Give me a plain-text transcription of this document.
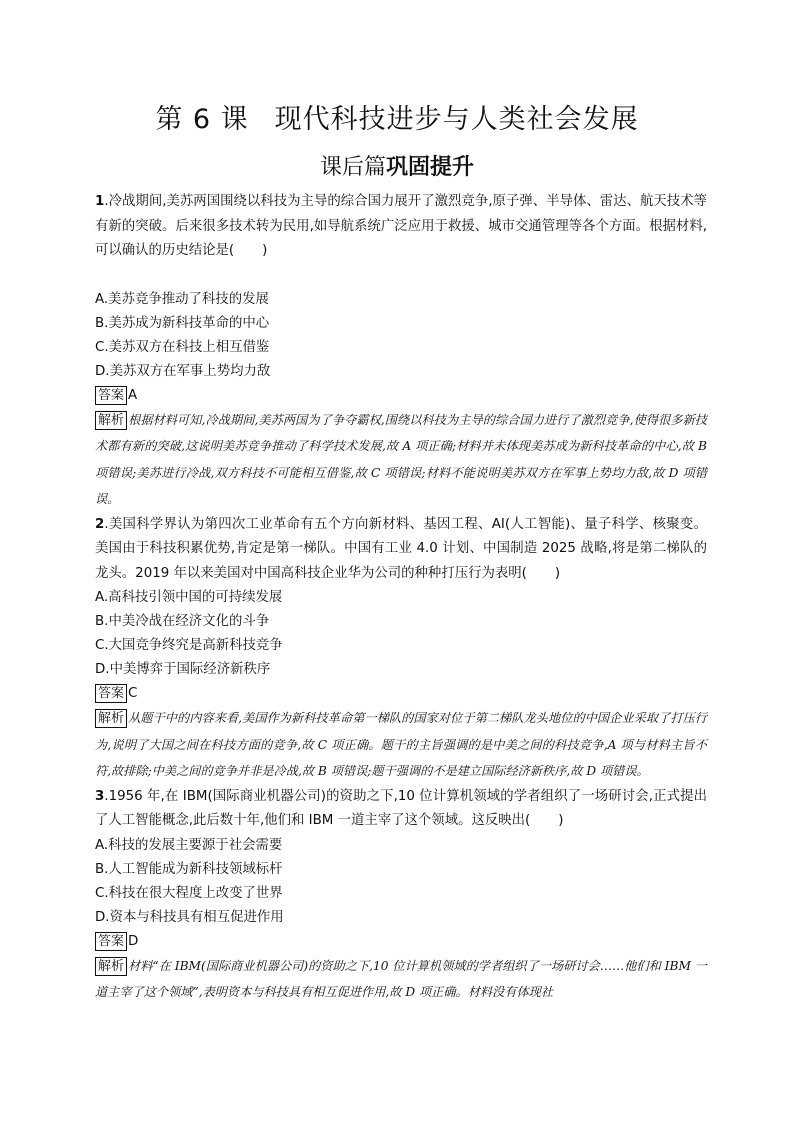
第 6 课 现代科技进步与人类社会发展
课后篇巩固提升

1.冷战期间,美苏两国围绕以科技为主导的综合国力展开了激烈竞争,原子弹、半导体、雷达、航天技术等有新的突破。后来很多技术转为民用,如导航系统广泛应用于救援、城市交通管理等各个方面。根据材料,可以确认的历史结论是( )

A.美苏竞争推动了科技的发展

B.美苏成为新科技革命的中心

C.美苏双方在科技上相互借鉴

D.美苏双方在军事上势均力敌

答案 A

解析 根据材料可知,冷战期间,美苏两国为了争夺霸权,围绕以科技为主导的综合国力进行了激烈竞争,使得很多新技术都有新的突破,这说明美苏竞争推动了科学技术发展,故 A 项正确;材料并未体现美苏成为新科技革命的中心,故 B 项错误;美苏进行冷战,双方科技不可能相互借鉴,故 C 项错误;材料不能说明美苏双方在军事上势均力敌,故 D 项错误。

2.美国科学界认为第四次工业革命有五个方向新材料、基因工程、AI(人工智能)、量子科学、核聚变。美国由于科技积累优势,肯定是第一梯队。中国有工业 4.0 计划、中国制造 2025 战略,将是第二梯队的龙头。2019 年以来美国对中国高科技企业华为公司的种种打压行为表明( )

A.高科技引领中国的可持续发展

B.中美冷战在经济文化的斗争

C.大国竞争终究是高新科技竞争

D.中美博弈于国际经济新秩序

答案 C

解析 从题干中的内容来看,美国作为新科技革命第一梯队的国家对位于第二梯队龙头地位的中国企业采取了打压行为,说明了大国之间在科技方面的竞争,故 C 项正确。题干的主旨强调的是中美之间的科技竞争,A 项与材料主旨不符,故排除;中美之间的竞争并非是冷战,故 B 项错误;题干强调的不是建立国际经济新秩序,故 D 项错误。

3.1956 年,在 IBM(国际商业机器公司)的资助之下,10 位计算机领域的学者组织了一场研讨会,正式提出了人工智能概念,此后数十年,他们和 IBM 一道主宰了这个领域。这反映出( )

A.科技的发展主要源于社会需要

B.人工智能成为新科技领域标杆

C.科技在很大程度上改变了世界

D.资本与科技具有相互促进作用

答案 D

解析 材料“在 IBM(国际商业机器公司)的资助之下,10 位计算机领域的学者组织了一场研讨会……他们和 IBM 一道主宰了这个领域”,表明资本与科技具有相互促进作用,故 D 项正确。材料没有体现社
